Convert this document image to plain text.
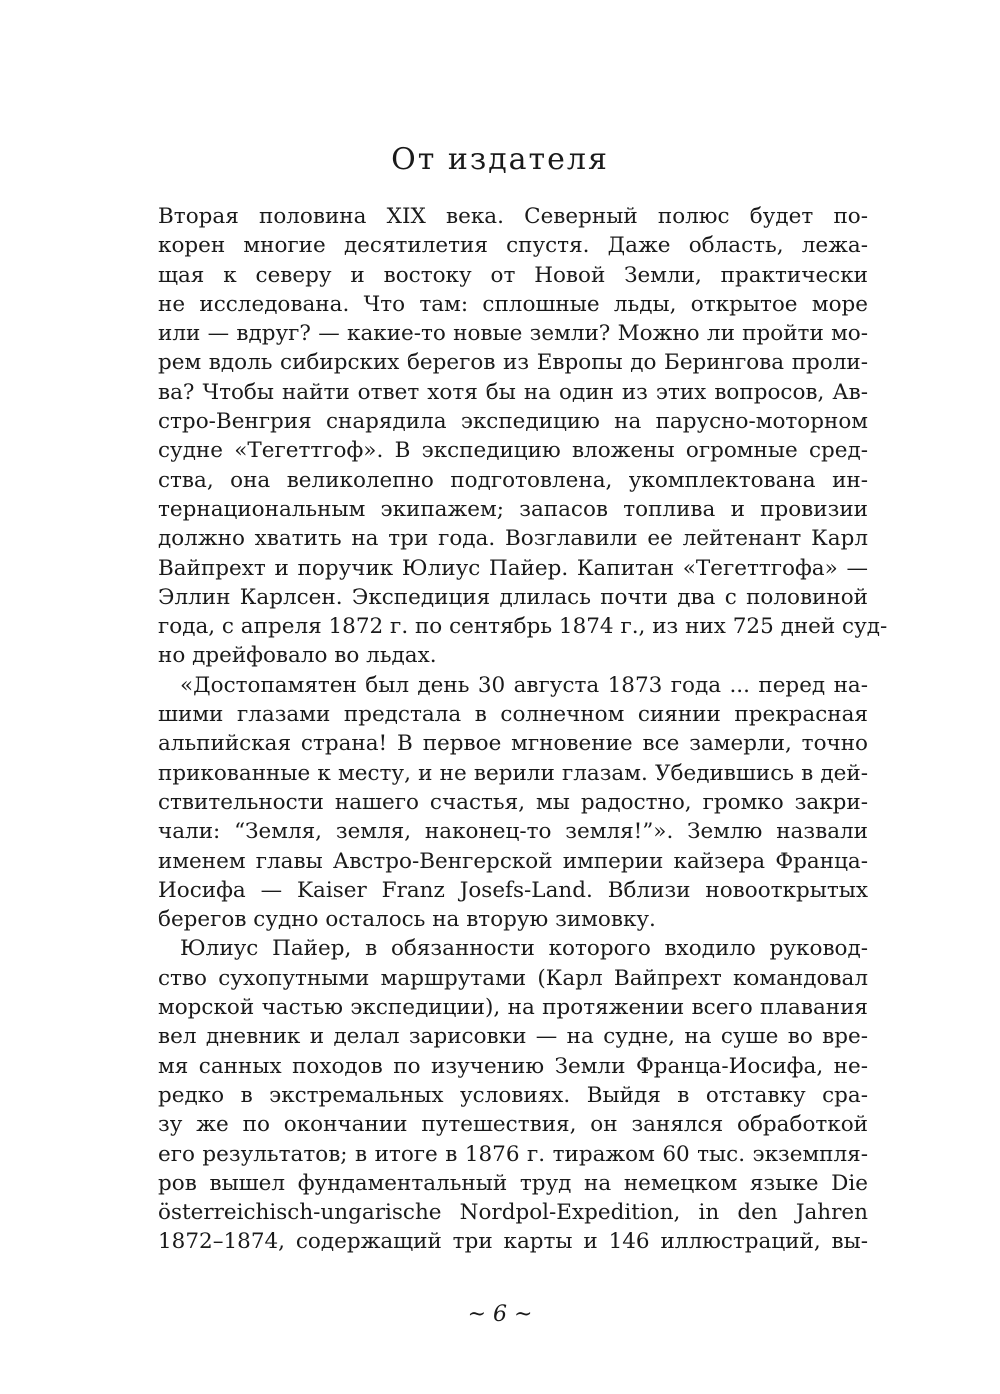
От издателя
Вторая половина XIX века. Северный полюс будет по-
корен многие десятилетия спустя. Даже область, лежа-
щая к северу и востоку от Новой Земли, практически
не исследована. Что там: сплошные льды, открытое море
или — вдруг? — какие-то новые земли? Можно ли пройти мо-
рем вдоль сибирских берегов из Европы до Берингова проли-
ва? Чтобы найти ответ хотя бы на один из этих вопросов, Ав-
стро-Венгрия снарядила экспедицию на парусно-моторном
судне «Тегеттгоф». В экспедицию вложены огромные сред-
ства, она великолепно подготовлена, укомплектована ин-
тернациональным экипажем; запасов топлива и провизии
должно хватить на три года. Возглавили ее лейтенант Карл
Вайпрехт и поручик Юлиус Пайер. Капитан «Тегеттгофа» —
Эллин Карлсен. Экспедиция длилась почти два с половиной
года, с апреля 1872 г. по сентябрь 1874 г., из них 725 дней суд-
но дрейфовало во льдах.
«Достопамятен был день 30 августа 1873 года ... перед на-
шими глазами предстала в солнечном сиянии прекрасная
альпийская страна! В первое мгновение все замерли, точно
прикованные к месту, и не верили глазам. Убедившись в дей-
ствительности нашего счастья, мы радостно, громко закри-
чали: “Земля, земля, наконец-то земля!”». Землю назвали
именем главы Австро-Венгерской империи кайзера Франца-
Иосифа — Kaiser Franz Josefs-Land. Вблизи новооткрытых
берегов судно осталось на вторую зимовку.
Юлиус Пайер, в обязанности которого входило руковод-
ство сухопутными маршрутами (Карл Вайпрехт командовал
морской частью экспедиции), на протяжении всего плавания
вел дневник и делал зарисовки — на судне, на суше во вре-
мя санных походов по изучению Земли Франца-Иосифа, не-
редко в экстремальных условиях. Выйдя в отставку сра-
зу же по окончании путешествия, он занялся обработкой
его результатов; в итоге в 1876 г. тиражом 60 тыс. экземпля-
ров вышел фундаментальный труд на немецком языке Die
österreichisch-ungarische Nordpol-Expedition, in den Jahren
1872–1874, содержащий три карты и 146 иллюстраций, вы-
~ 6 ~
